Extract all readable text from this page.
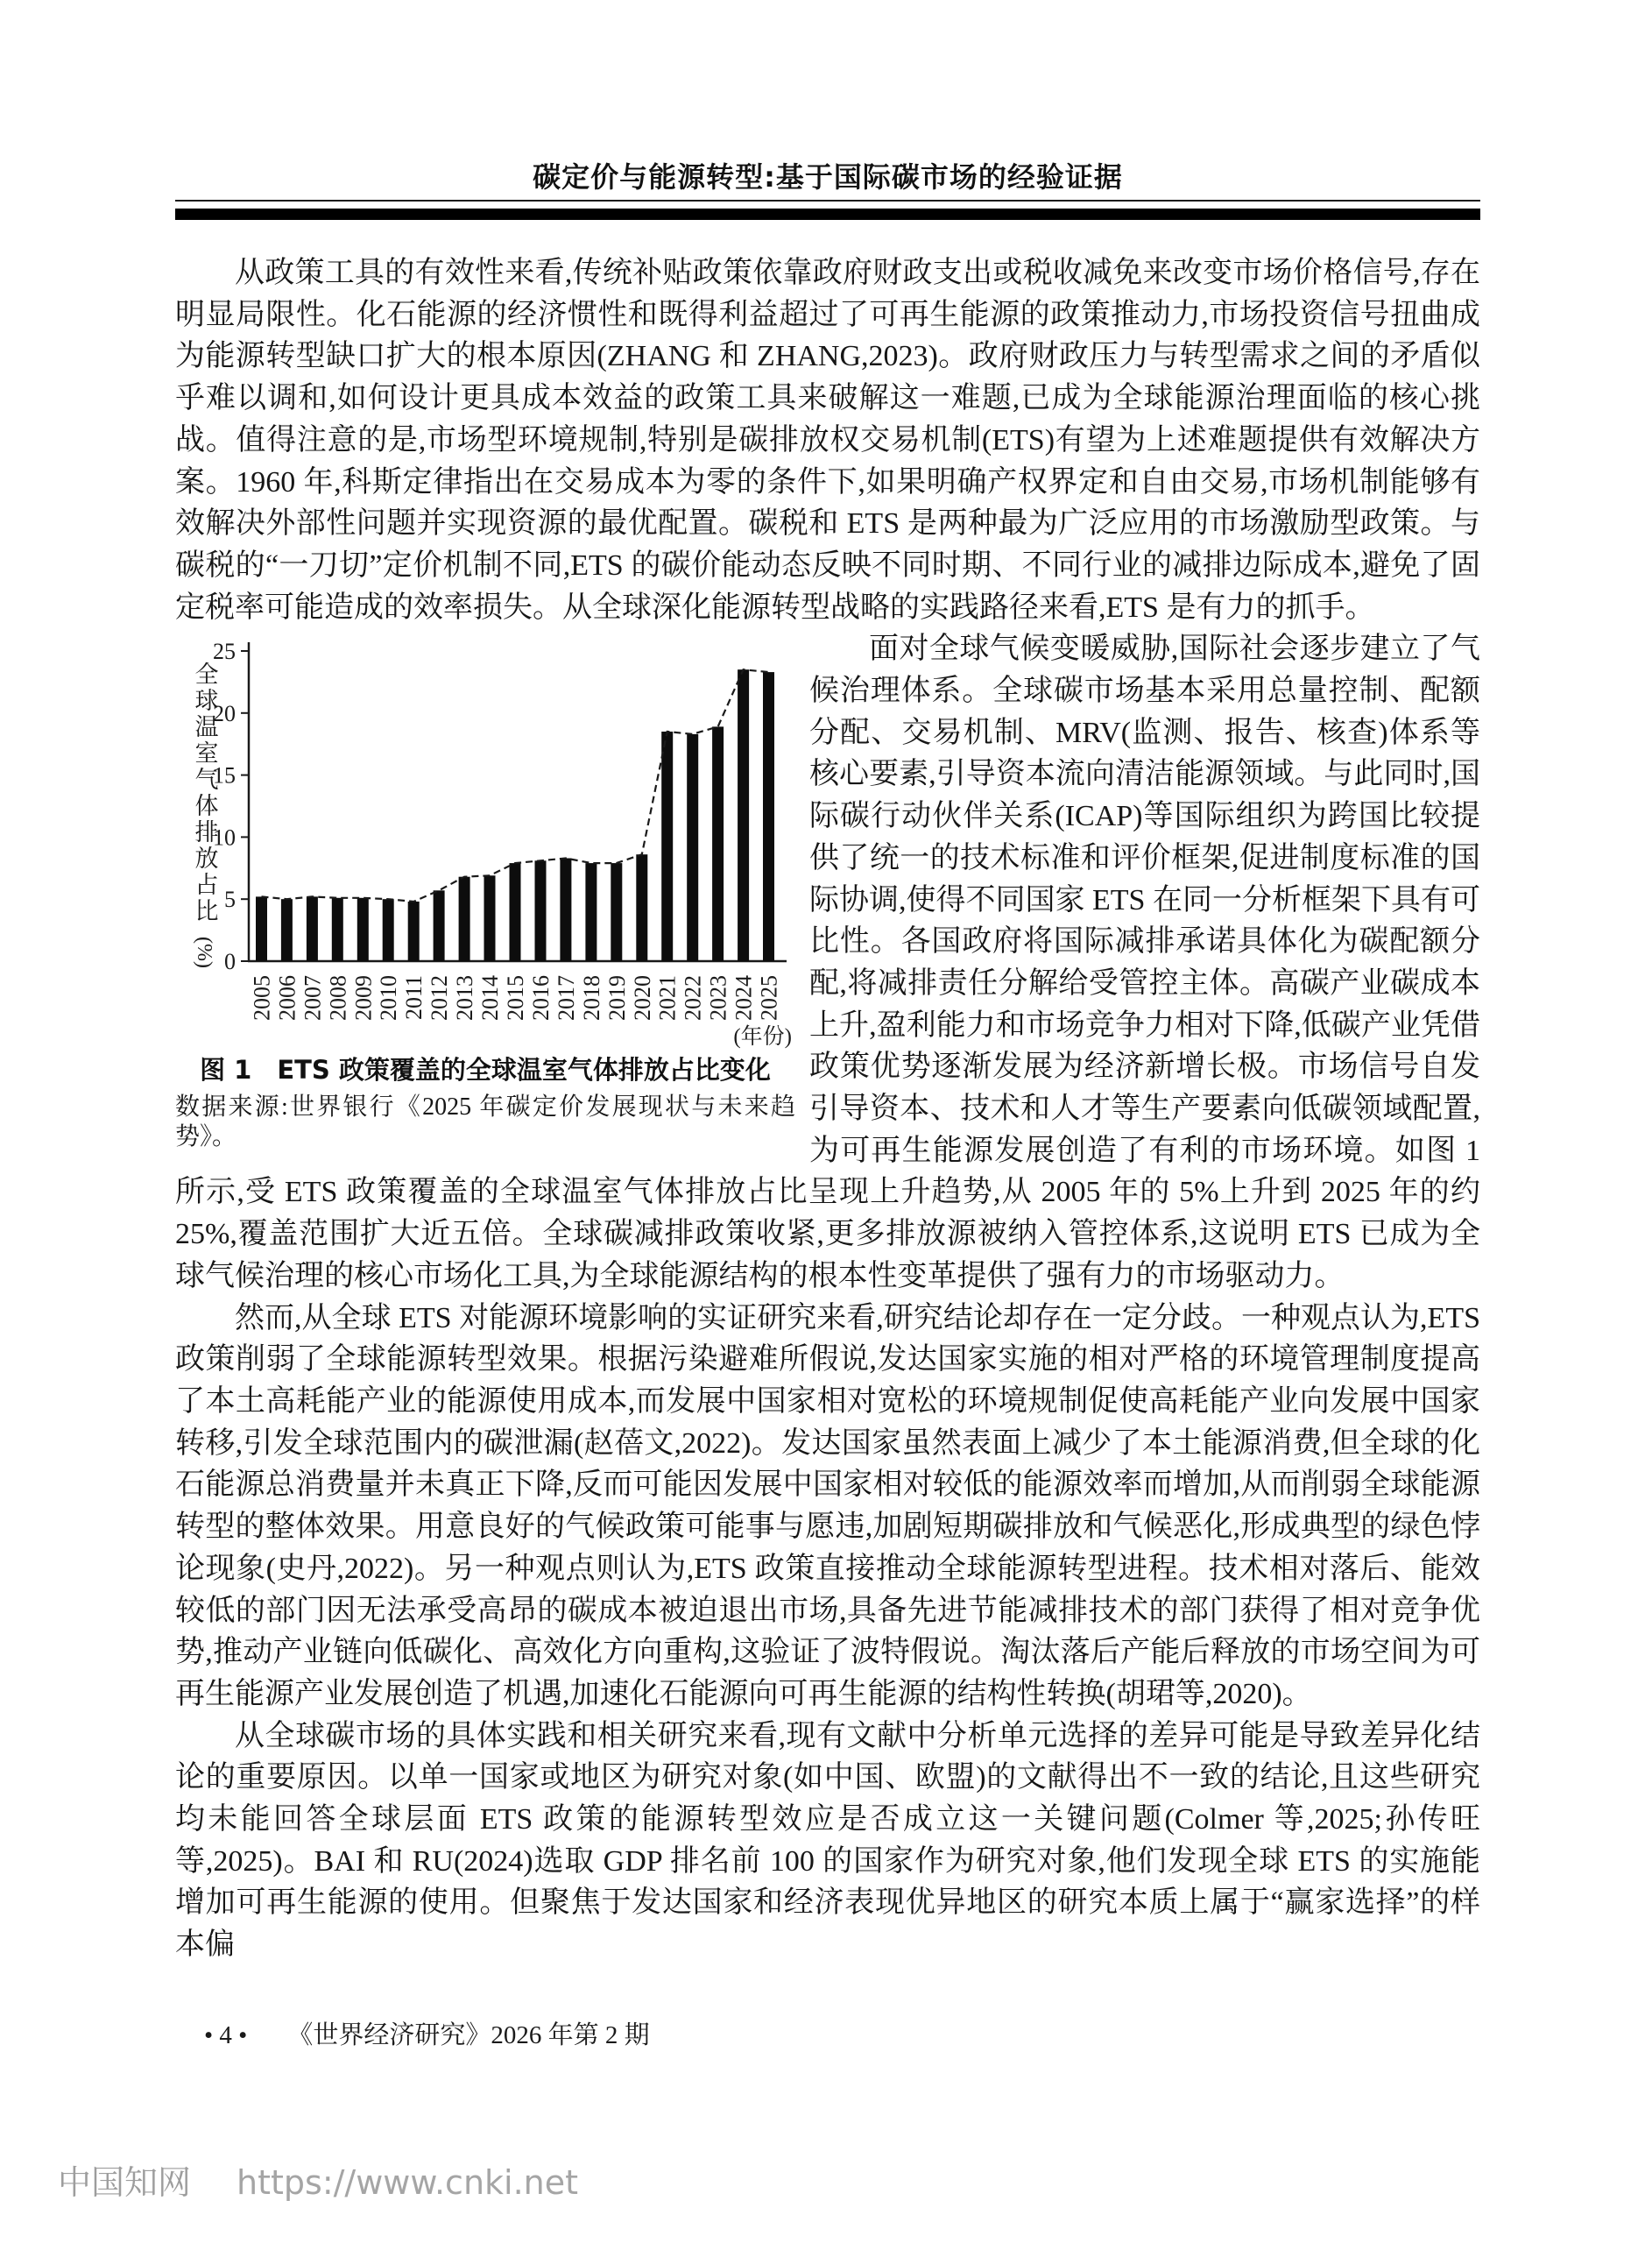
碳定价与能源转型:基于国际碳市场的经验证据

从政策工具的有效性来看,传统补贴政策依靠政府财政支出或税收减免来改变市场价格信号,存在明显局限性。化石能源的经济惯性和既得利益超过了可再生能源的政策推动力,市场投资信号扭曲成为能源转型缺口扩大的根本原因(ZHANG 和 ZHANG,2023)。政府财政压力与转型需求之间的矛盾似乎难以调和,如何设计更具成本效益的政策工具来破解这一难题,已成为全球能源治理面临的核心挑战。值得注意的是,市场型环境规制,特别是碳排放权交易机制(ETS)有望为上述难题提供有效解决方案。1960 年,科斯定律指出在交易成本为零的条件下,如果明确产权界定和自由交易,市场机制能够有效解决外部性问题并实现资源的最优配置。碳税和 ETS 是两种最为广泛应用的市场激励型政策。与碳税的“一刀切”定价机制不同,ETS 的碳价能动态反映不同时期、不同行业的减排边际成本,避免了固定税率可能造成的效率损失。从全球深化能源转型战略的实践路径来看,ETS 是有力的抓手。

0
5
10
15
20
25
全
球
温
室
气
体
排
放
占
比
(%)
2005 2006 2007 2008 2009 2010 2011 2012 2013 2014 2015 2016 2017 2018 2019 2020 2021 2022 2023 2024 2025
(年份)
图 1　ETS 政策覆盖的全球温室气体排放占比变化
数据来源:世界银行《2025 年碳定价发展现状与未来趋势》。

面对全球气候变暖威胁,国际社会逐步建立了气候治理体系。全球碳市场基本采用总量控制、配额分配、交易机制、MRV(监测、报告、核查)体系等核心要素,引导资本流向清洁能源领域。与此同时,国际碳行动伙伴关系(ICAP)等国际组织为跨国比较提供了统一的技术标准和评价框架,促进制度标准的国际协调,使得不同国家 ETS 在同一分析框架下具有可比性。各国政府将国际减排承诺具体化为碳配额分配,将减排责任分解给受管控主体。高碳产业碳成本上升,盈利能力和市场竞争力相对下降,低碳产业凭借政策优势逐渐发展为经济新增长极。市场信号自发引导资本、技术和人才等生产要素向低碳领域配置,为可再生能源发展创造了有利的市场环境。如图 1 所示,受 ETS 政策覆盖的全球温室气体排放占比呈现上升趋势,从 2005 年的 5%上升到 2025 年的约 25%,覆盖范围扩大近五倍。全球碳减排政策收紧,更多排放源被纳入管控体系,这说明 ETS 已成为全球气候治理的核心市场化工具,为全球能源结构的根本性变革提供了强有力的市场驱动力。

然而,从全球 ETS 对能源环境影响的实证研究来看,研究结论却存在一定分歧。一种观点认为,ETS 政策削弱了全球能源转型效果。根据污染避难所假说,发达国家实施的相对严格的环境管理制度提高了本土高耗能产业的能源使用成本,而发展中国家相对宽松的环境规制促使高耗能产业向发展中国家转移,引发全球范围内的碳泄漏(赵蓓文,2022)。发达国家虽然表面上减少了本土能源消费,但全球的化石能源总消费量并未真正下降,反而可能因发展中国家相对较低的能源效率而增加,从而削弱全球能源转型的整体效果。用意良好的气候政策可能事与愿违,加剧短期碳排放和气候恶化,形成典型的绿色悖论现象(史丹,2022)。另一种观点则认为,ETS 政策直接推动全球能源转型进程。技术相对落后、能效较低的部门因无法承受高昂的碳成本被迫退出市场,具备先进节能减排技术的部门获得了相对竞争优势,推动产业链向低碳化、高效化方向重构,这验证了波特假说。淘汰落后产能后释放的市场空间为可再生能源产业发展创造了机遇,加速化石能源向可再生能源的结构性转换(胡珺等,2020)。

从全球碳市场的具体实践和相关研究来看,现有文献中分析单元选择的差异可能是导致差异化结论的重要原因。以单一国家或地区为研究对象(如中国、欧盟)的文献得出不一致的结论,且这些研究均未能回答全球层面 ETS 政策的能源转型效应是否成立这一关键问题(Colmer 等,2025;孙传旺等,2025)。BAI 和 RU(2024)选取 GDP 排名前 100 的国家作为研究对象,他们发现全球 ETS 的实施能增加可再生能源的使用。但聚焦于发达国家和经济表现优异地区的研究本质上属于“赢家选择”的样本偏

• 4 • 《世界经济研究》2026 年第 2 期
中国知网 https://www.cnki.net
